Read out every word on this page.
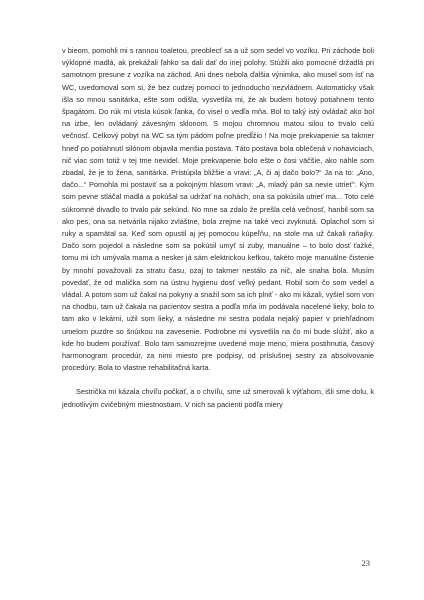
v bieom, pomohli mi s rannou toaletou, preoblecť sa a už som sedel vo vozíku. Pri záchode boli výklopné madlá, ak prekážali ľahko sa dali dať do inej polohy. Stúžili ako pomocné držadlá pri samotnom presune z vozíka na záchod. Ani dnes nebola ďalšia výnimka, ako musel som ísť na WC, uvedomoval som si, že bez cudzej pomoci to jednoducho nezvládnem. Automaticky však išla so mnou sanitárka, ešte som odišla, vysvetlila mi, že ak budem hotový potiahnem tento špagátom. Do rúk mi vtisla kúsok ľanka, čo visel o vedľa mňa. Bol to taký istý ovládač ako bol na izbe, len ovládaný závesným sklonom. S mojou chromnou matou silou to trvalo celú večnosť. Celkový pobyt na WC sa tým pádom poľne predĺžio ! Na moje prekvapenie sa takmer hneď po potiahnutí silónom objavila menšia postava. Táto postava bola oblečená v nohaviciach, nič viac som totiž v tej tme nevidel. Moje prekvapenie bolo ešte o čosi väčšie, ako náhle som zbadal, že je to žena, sanitárka. Pristúpila bližšie a vravi: „A, či aj dačo bolo?“ Ja na to: „Ano, dačo...“ Pomohla mi postaviť sa a pokojným hlasom vravi: „A, mladý pán sa nevie utrieť“. Kým som pevne stláčal madlá a pokúšal sa udržať na nohách, ona sa pokúsila utrieť ma... Toto celé súkromné divadlo to trvalo pár sekúnd. No mne sa zdalo že prešla celá večnosť, hanbil som sa ako pes, ona sa netvárila nijako zvláštne, bola zrejme na také veci zvyknutá. Oplachol som si ruky a spamätal sa. Keď som opustil aj jej pomocou kúpeľňu, na stole ma už čakali raňajky. Dačo som pojedol a následne som sa pokúsil umyť si zuby, manuálne – to bolo dosť ťažké, tomu mi ich umývala mama a nesker já sám elektrickou kefkou, takéto moje manuálne čistenie by mnohí považovali za stratu času, ozaj to takmer nestálo za nič, ale snaha bola. Musím povedať, že od malička som na ústnu hygienu dosť veľký pedant. Robil som čo som vedel a vládal. A potom som už čakal na pokyny a snažil som sa ich plniť - ako mi kázali, vyšiel som von na chodbu, tam už čakala na pacientov sestra a podľa mňa im podávala nacelené lieky, bolo to tam ako v lekárni, užil som lieky, a následne mi sestra podala nejaký papier v priehľadnom umelom puzdre so šnúrkou na zavesenie. Podrobne mi vysvetlila na čo mi bude slúžiť, ako a kde ho budem používať. Bolo tam samozrejme uvedené moje meno, miera postihnutia, časový harmonogram procedúr, za nimi miesto pre podpisy, od príslušnej sestry za absolvovanie procedúry. Bola to vlastne rehabilitačná karta.

Sestrička mi kázala chvíľu počkať, a o chvíľu, sme už smerovali k výťahom, išli sme dolu, k jednotlivým cvičebným miestnostiam. V nich sa pacienti podľa miery

23
